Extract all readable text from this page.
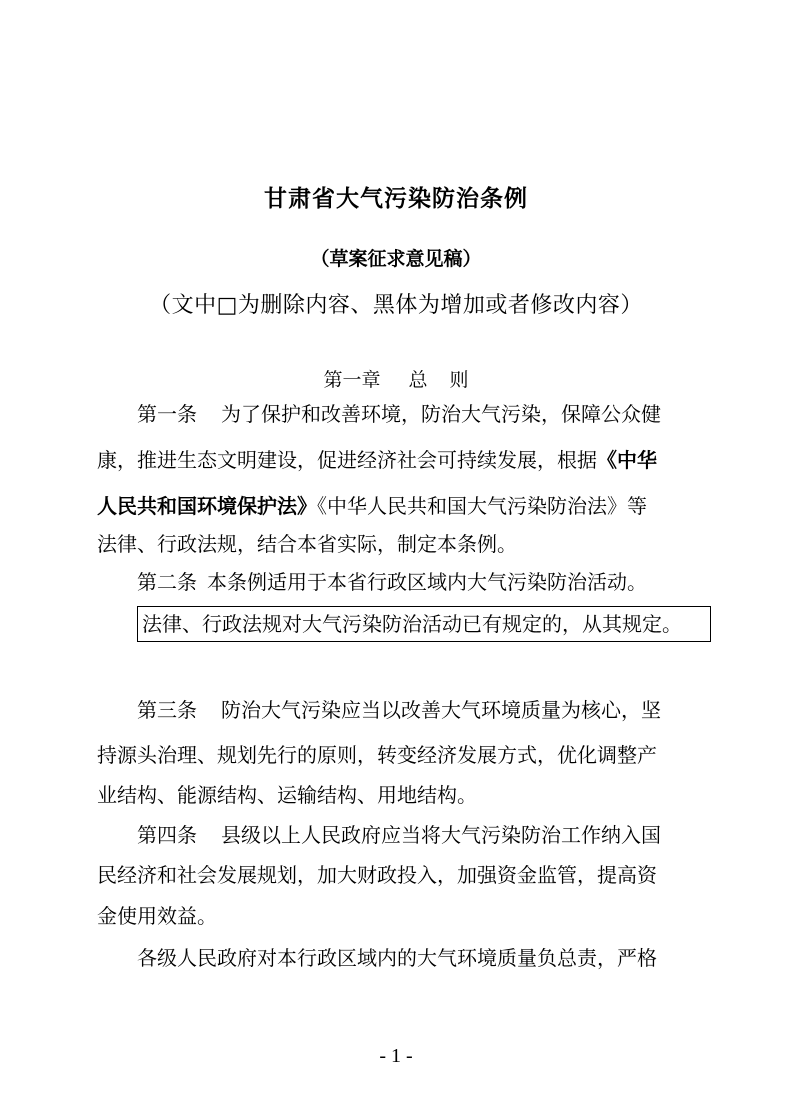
甘肃省大气污染防治条例
（草案征求意见稿）
（文中□为删除内容、黑体为增加或者修改内容）
第一章 总 则
第一条 为了保护和改善环境，防治大气污染，保障公众健
康，推进生态文明建设，促进经济社会可持续发展，根据《中华
人民共和国环境保护法》《中华人民共和国大气污染防治法》等
法律、行政法规，结合本省实际，制定本条例。
第二条 本条例适用于本省行政区域内大气污染防治活动。
法律、行政法规对大气污染防治活动已有规定的，从其规定。
第三条 防治大气污染应当以改善大气环境质量为核心，坚
持源头治理、规划先行的原则，转变经济发展方式，优化调整产
业结构、能源结构、运输结构、用地结构。
第四条 县级以上人民政府应当将大气污染防治工作纳入国
民经济和社会发展规划，加大财政投入，加强资金监管，提高资
金使用效益。
各级人民政府对本行政区域内的大气环境质量负总责，严格
- 1 -
